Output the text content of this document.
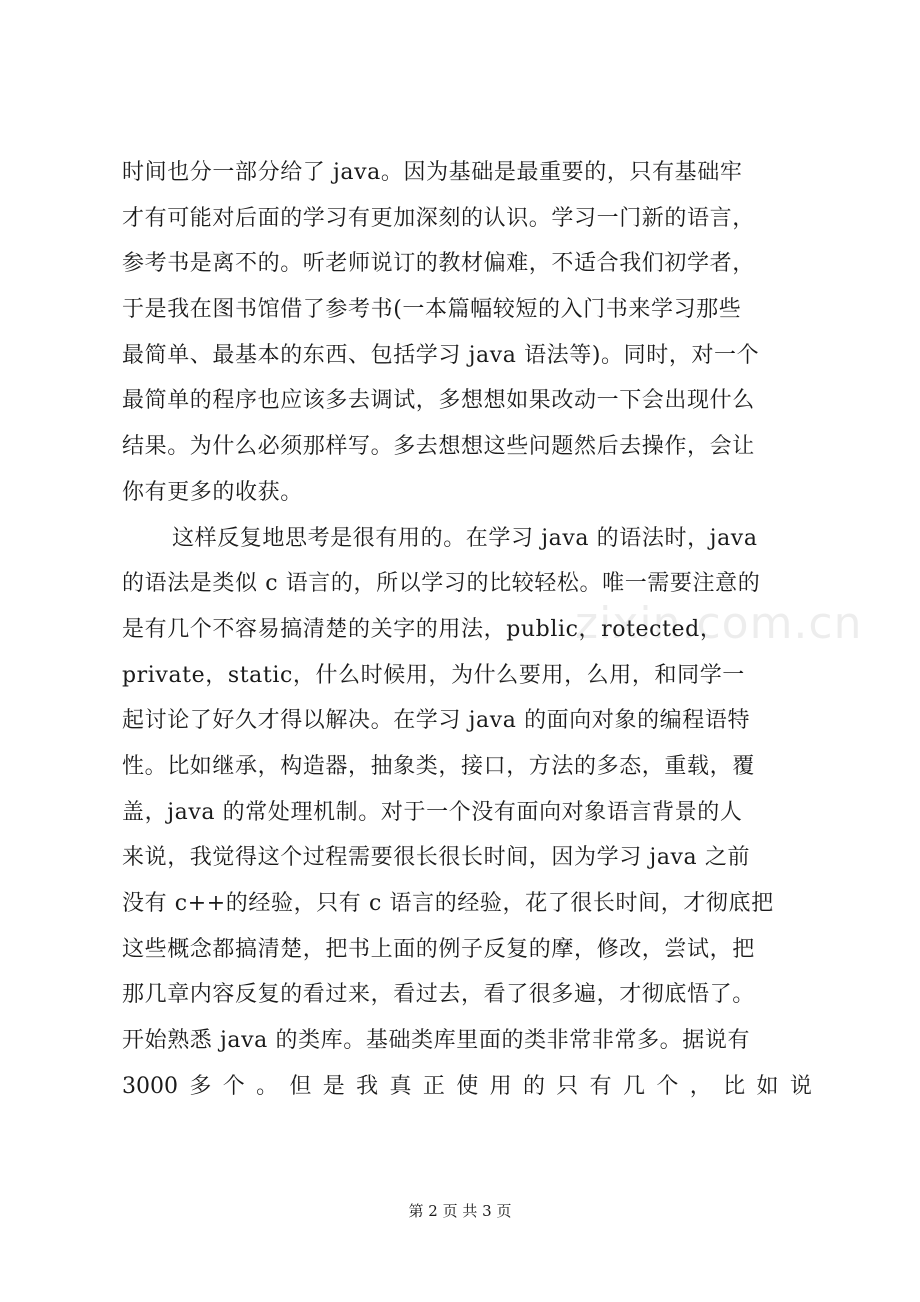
时间也分一部分给了 java。因为基础是最重要的，只有基础牢
才有可能对后面的学习有更加深刻的认识。学习一门新的语言，
参考书是离不的。听老师说订的教材偏难，不适合我们初学者，
于是我在图书馆借了参考书(一本篇幅较短的入门书来学习那些
最简单、最基本的东西、包括学习 java 语法等)。同时，对一个
最简单的程序也应该多去调试，多想想如果改动一下会出现什么
结果。为什么必须那样写。多去想想这些问题然后去操作，会让
你有更多的收获。
这样反复地思考是很有用的。在学习 java 的语法时，java
的语法是类似 c 语言的，所以学习的比较轻松。唯一需要注意的
是有几个不容易搞清楚的关字的用法，public，rotected，
private，static，什么时候用，为什么要用，么用，和同学一
起讨论了好久才得以解决。在学习 java 的面向对象的编程语特
性。比如继承，构造器，抽象类，接口，方法的多态，重载，覆
盖，java 的常处理机制。对于一个没有面向对象语言背景的人
来说，我觉得这个过程需要很长很长时间，因为学习 java 之前
没有 c++的经验，只有 c 语言的经验，花了很长时间，才彻底把
这些概念都搞清楚，把书上面的例子反复的摩，修改，尝试，把
那几章内容反复的看过来，看过去，看了很多遍，才彻底悟了。
开始熟悉 java 的类库。基础类库里面的类非常非常多。据说有
3000 多 个 。 但 是 我 真 正 使 用 的 只 有 几 个 ， 比 如 说
zixin.com.cn
第 2 页 共 3 页
